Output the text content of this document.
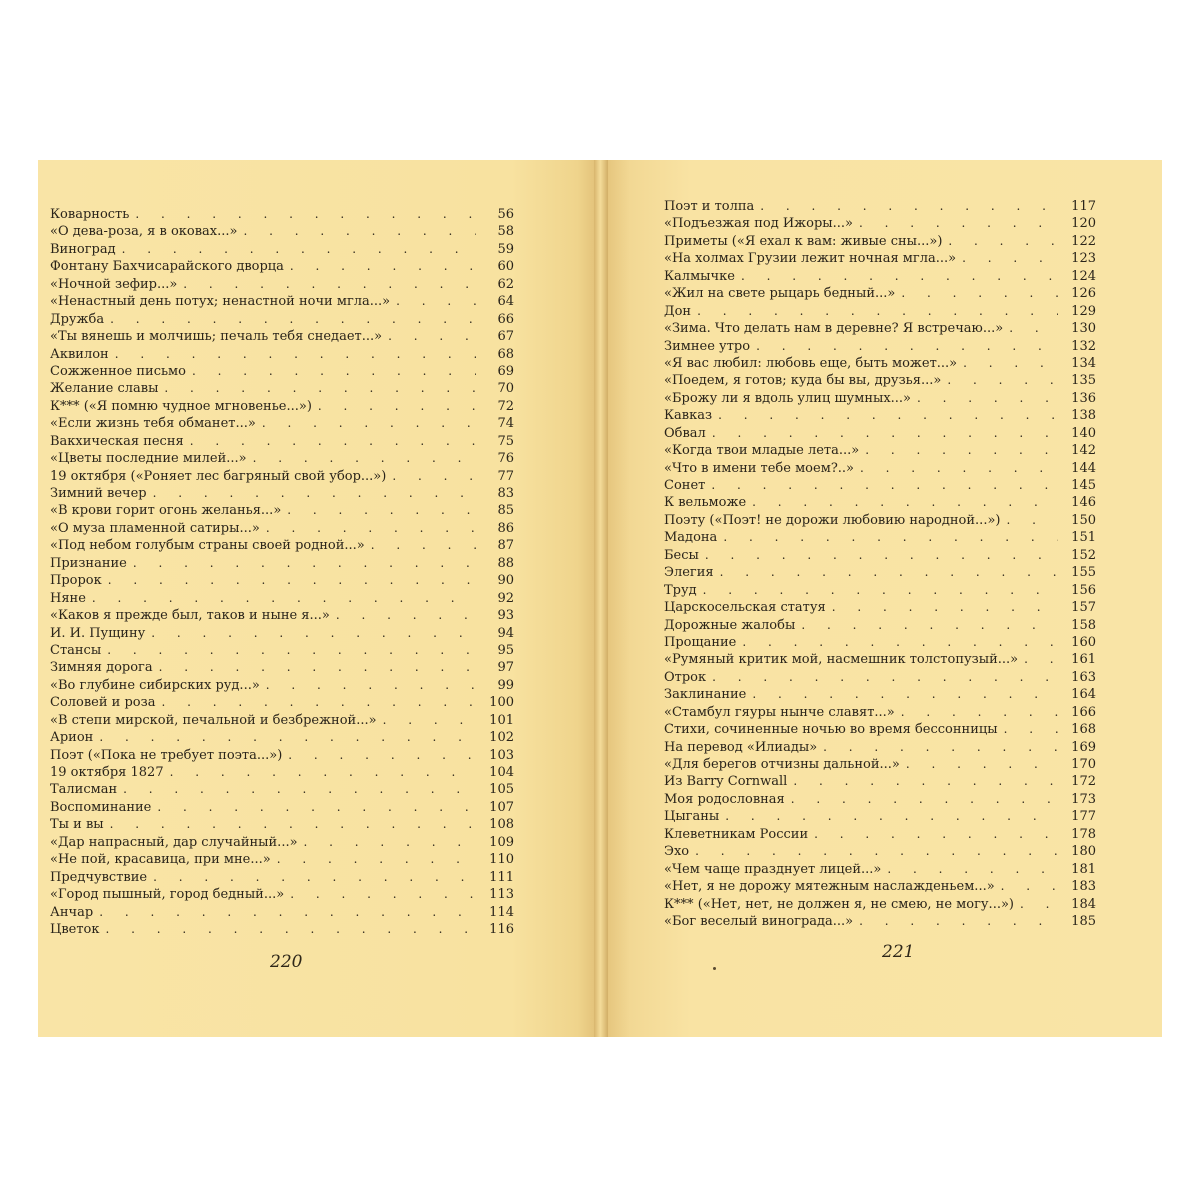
Коварность . . .	56
«О дева-роза, я в оковах...» . . .	58
Виноград . . .	59
Фонтану Бахчисарайского дворца . . .	60
«Ночной зефир...» . . .	62
«Ненастный день потух; ненастной ночи мгла...» . . .	64
Дружба . . .	66
«Ты вянешь и молчишь; печаль тебя снедает...» . . .	67
Аквилон . . .	68
Сожженное письмо . . .	69
Желание славы . . .	70
К*** («Я помню чудное мгновенье...») . . .	72
«Если жизнь тебя обманет...» . . .	74
Вакхическая песня . . .	75
«Цветы последние милей...» . . .	76
19 октября («Роняет лес багряный свой убор...») . . .	77
Зимний вечер . . .	83
«В крови горит огонь желанья...» . . .	85
«О муза пламенной сатиры...» . . .	86
«Под небом голубым страны своей родной...» . . .	87
Признание . . .	88
Пророк . . .	90
Няне . . .	92
«Каков я прежде был, таков и ныне я...» . . .	93
И. И. Пущину . . .	94
Стансы . . .	95
Зимняя дорога . . .	97
«Во глубине сибирских руд...» . . .	99
Соловей и роза . . .	100
«В степи мирской, печальной и безбрежной...» . . .	101
Арион . . .	102
Поэт («Пока не требует поэта...») . . .	103
19 октября 1827 . . .	104
Талисман . . .	105
Воспоминание . . .	107
Ты и вы . . .	108
«Дар напрасный, дар случайный...» . . .	109
«Не пой, красавица, при мне...» . . .	110
Предчувствие . . .	111
«Город пышный, город бедный...» . . .	113
Анчар . . .	114
Цветок . . .	116
220
Поэт и толпа . . .	117
«Подъезжая под Ижоры...» . . .	120
Приметы («Я ехал к вам: живые сны...») . . .	122
«На холмах Грузии лежит ночная мгла...» . . .	123
Калмычке . . .	124
«Жил на свете рыцарь бедный...» . . .	126
Дон . . .	129
«Зима. Что делать нам в деревне? Я встречаю...» . . .	130
Зимнее утро . . .	132
«Я вас любил: любовь еще, быть может...» . . .	134
«Поедем, я готов; куда бы вы, друзья...» . . .	135
«Брожу ли я вдоль улиц шумных...» . . .	136
Кавказ . . .	138
Обвал . . .	140
«Когда твои младые лета...» . . .	142
«Что в имени тебе моем?..» . . .	144
Сонет . . .	145
К вельможе . . .	146
Поэту («Поэт! не дорожи любовию народной...») . . .	150
Мадона . . .	151
Бесы . . .	152
Элегия . . .	155
Труд . . .	156
Царскосельская статуя . . .	157
Дорожные жалобы . . .	158
Прощание . . .	160
«Румяный критик мой, насмешник толстопузый...» . . .	161
Отрок . . .	163
Заклинание . . .	164
«Стамбул гяуры нынче славят...» . . .	166
Стихи, сочиненные ночью во время бессонницы . . .	168
На перевод «Илиады» . . .	169
«Для берегов отчизны дальной...» . . .	170
Из Barry Cornwall . . .	172
Моя родословная . . .	173
Цыганы . . .	177
Клеветникам России . . .	178
Эхо . . .	180
«Чем чаще празднует лицей...» . . .	181
«Нет, я не дорожу мятежным наслажденьем...» . . .	183
К*** («Нет, нет, не должен я, не смею, не могу...») . . .	184
«Бог веселый винограда...» . . .	185
221
